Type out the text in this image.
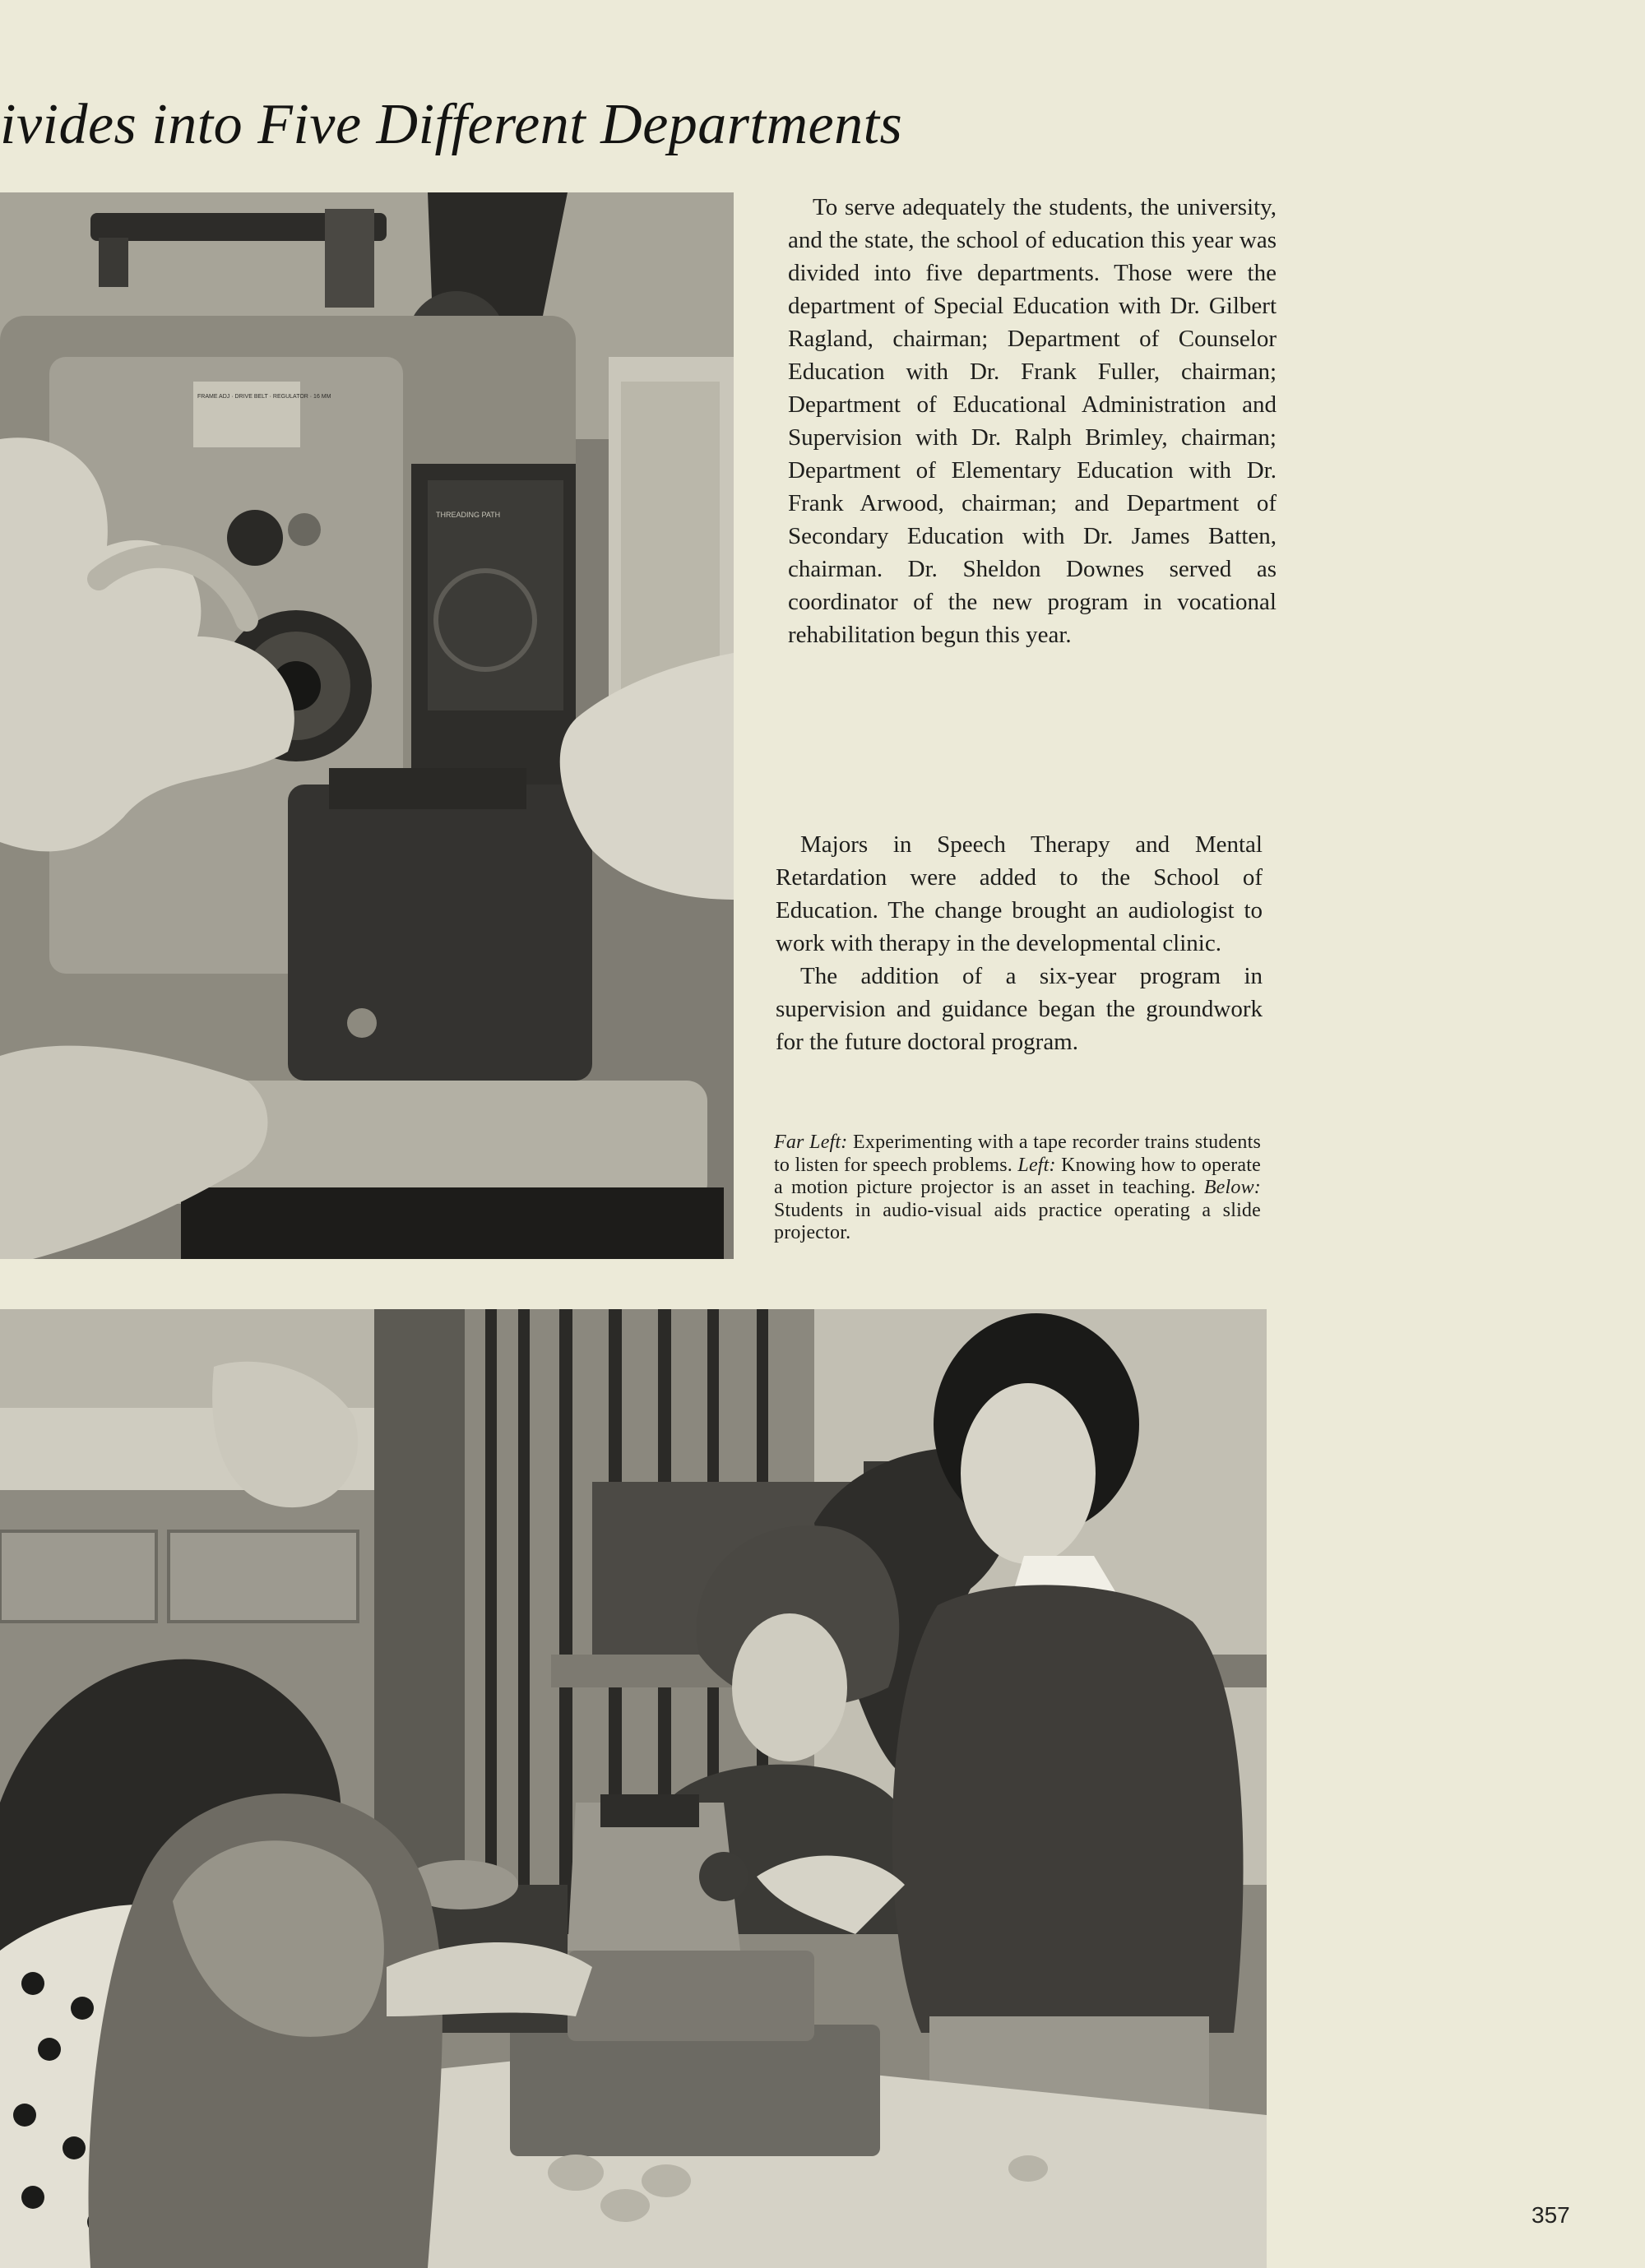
ivides into Five Different Departments
THREADING PATH
FRAME ADJ · DRIVE BELT · REGULATOR · 16 MM

To serve adequately the students, the university, and the state, the school of education this year was divided into five departments. Those were the department of Special Education with Dr. Gilbert Ragland, chairman; Department of Counselor Education with Dr. Frank Fuller, chairman; Department of Educational Administration and Supervision with Dr. Ralph Brimley, chairman; Department of Elementary Education with Dr. Frank Arwood, chairman; and Department of Secondary Education with Dr. James Batten, chairman. Dr. Sheldon Downes served as coordinator of the new program in vocational rehabilitation begun this year.

Majors in Speech Therapy and Mental Retardation were added to the School of Education. The change brought an audiologist to work with therapy in the developmental clinic.

The addition of a six-year program in supervision and guidance began the groundwork for the future doctoral program.

Far Left: Experimenting with a tape recorder trains students to listen for speech problems. Left: Knowing how to operate a motion picture projector is an asset in teaching. Below: Students in audio-visual aids practice operating a slide projector.

357
